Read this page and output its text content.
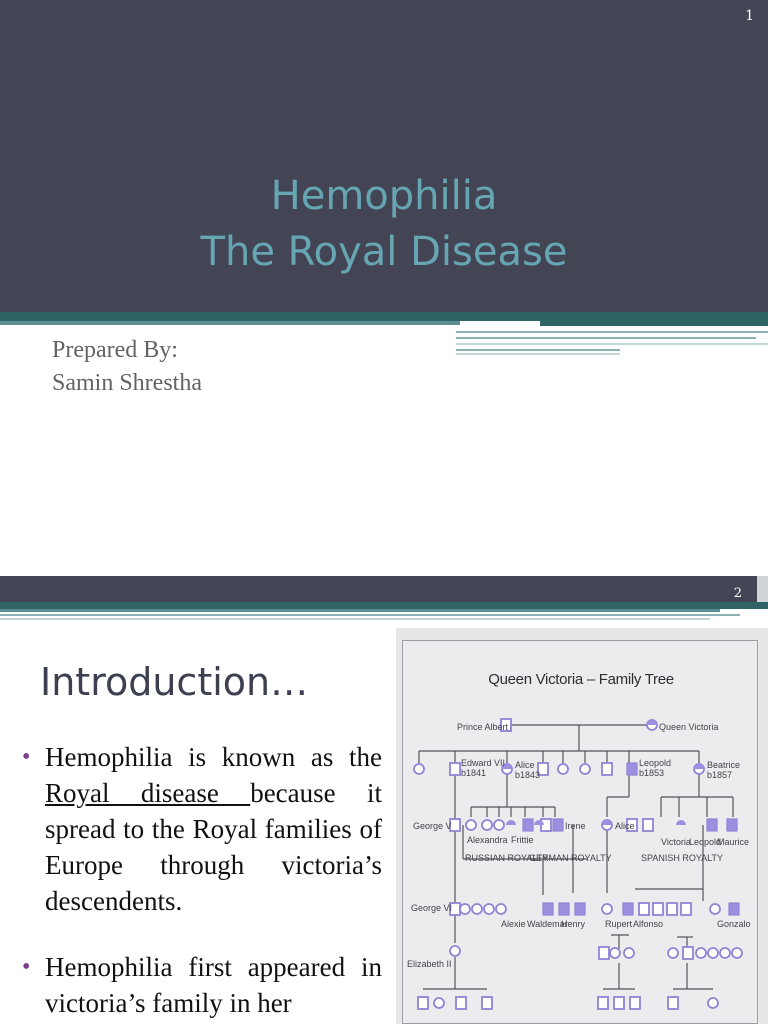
1
Hemophilia
The Royal Disease
Prepared By:
Samin Shrestha
2
Introduction…
• Hemophilia is known as the Royal disease because it spread to the Royal families of Europe through victoria’s descendents.
• Hemophilia first appeared in victoria’s family in her
Queen Victoria – Family Tree
Prince Albert	Queen Victoria
Edward VII
b1841
Alice
b1843
Leopold
b1853
Beatrice
b1857
George V	Irene	Alice
Alexandra Frittie	Victoria
Leopold
Maurice
RUSSIAN ROYALTY
GERMAN ROYALTY	SPANISH ROYALTY
George VI
Alexie Waldemar
Henry Rupert Alfonso	Gonzalo
Elizabeth II
